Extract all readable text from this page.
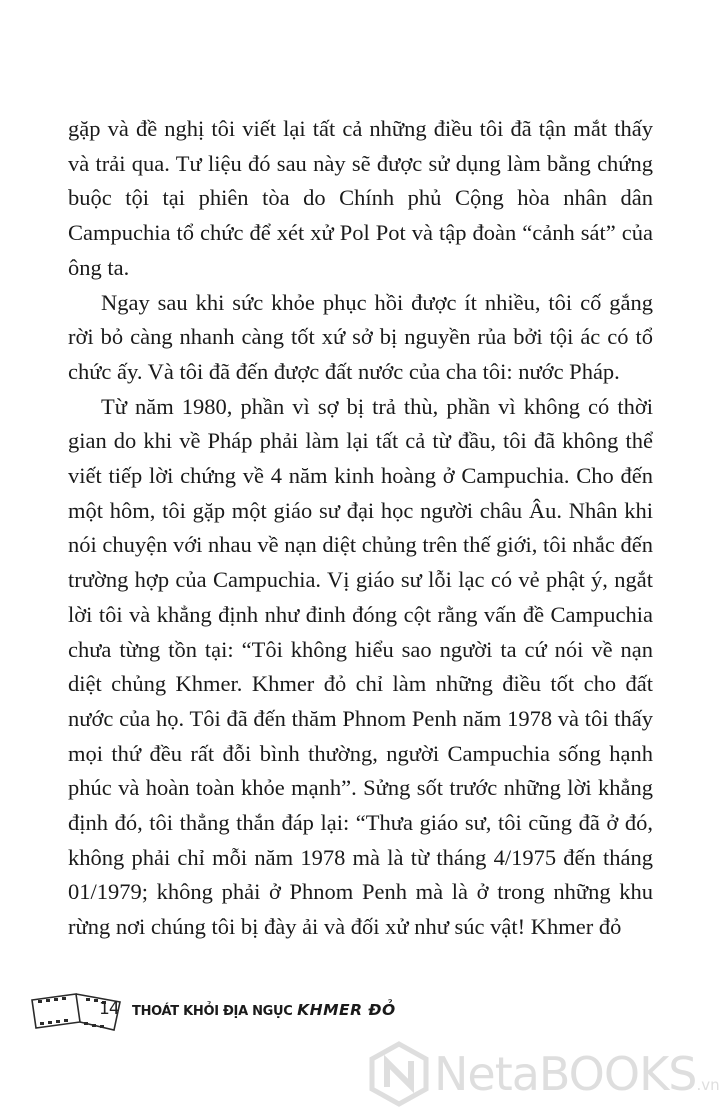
gặp và đề nghị tôi viết lại tất cả những điều tôi đã tận mắt thấy và trải qua. Tư liệu đó sau này sẽ được sử dụng làm bằng chứng buộc tội tại phiên tòa do Chính phủ Cộng hòa nhân dân Campuchia tổ chức để xét xử Pol Pot và tập đoàn “cảnh sát” của ông ta.

Ngay sau khi sức khỏe phục hồi được ít nhiều, tôi cố gắng rời bỏ càng nhanh càng tốt xứ sở bị nguyền rủa bởi tội ác có tổ chức ấy. Và tôi đã đến được đất nước của cha tôi: nước Pháp.

Từ năm 1980, phần vì sợ bị trả thù, phần vì không có thời gian do khi về Pháp phải làm lại tất cả từ đầu, tôi đã không thể viết tiếp lời chứng về 4 năm kinh hoàng ở Campuchia. Cho đến một hôm, tôi gặp một giáo sư đại học người châu Âu. Nhân khi nói chuyện với nhau về nạn diệt chủng trên thế giới, tôi nhắc đến trường hợp của Campuchia. Vị giáo sư lỗi lạc có vẻ phật ý, ngắt lời tôi và khẳng định như đinh đóng cột rằng vấn đề Campuchia chưa từng tồn tại: “Tôi không hiểu sao người ta cứ nói về nạn diệt chủng Khmer. Khmer đỏ chỉ làm những điều tốt cho đất nước của họ. Tôi đã đến thăm Phnom Penh năm 1978 và tôi thấy mọi thứ đều rất đỗi bình thường, người Campuchia sống hạnh phúc và hoàn toàn khỏe mạnh”. Sửng sốt trước những lời khẳng định đó, tôi thẳng thắn đáp lại: “Thưa giáo sư, tôi cũng đã ở đó, không phải chỉ mỗi năm 1978 mà là từ tháng 4/1975 đến tháng 01/1979; không phải ở Phnom Penh mà là ở trong những khu rừng nơi chúng tôi bị đày ải và đối xử như súc vật! Khmer đỏ

14 THOÁT KHỎI ĐỊA NGỤC KHMER ĐỎ
NetaBOOKS.vn
